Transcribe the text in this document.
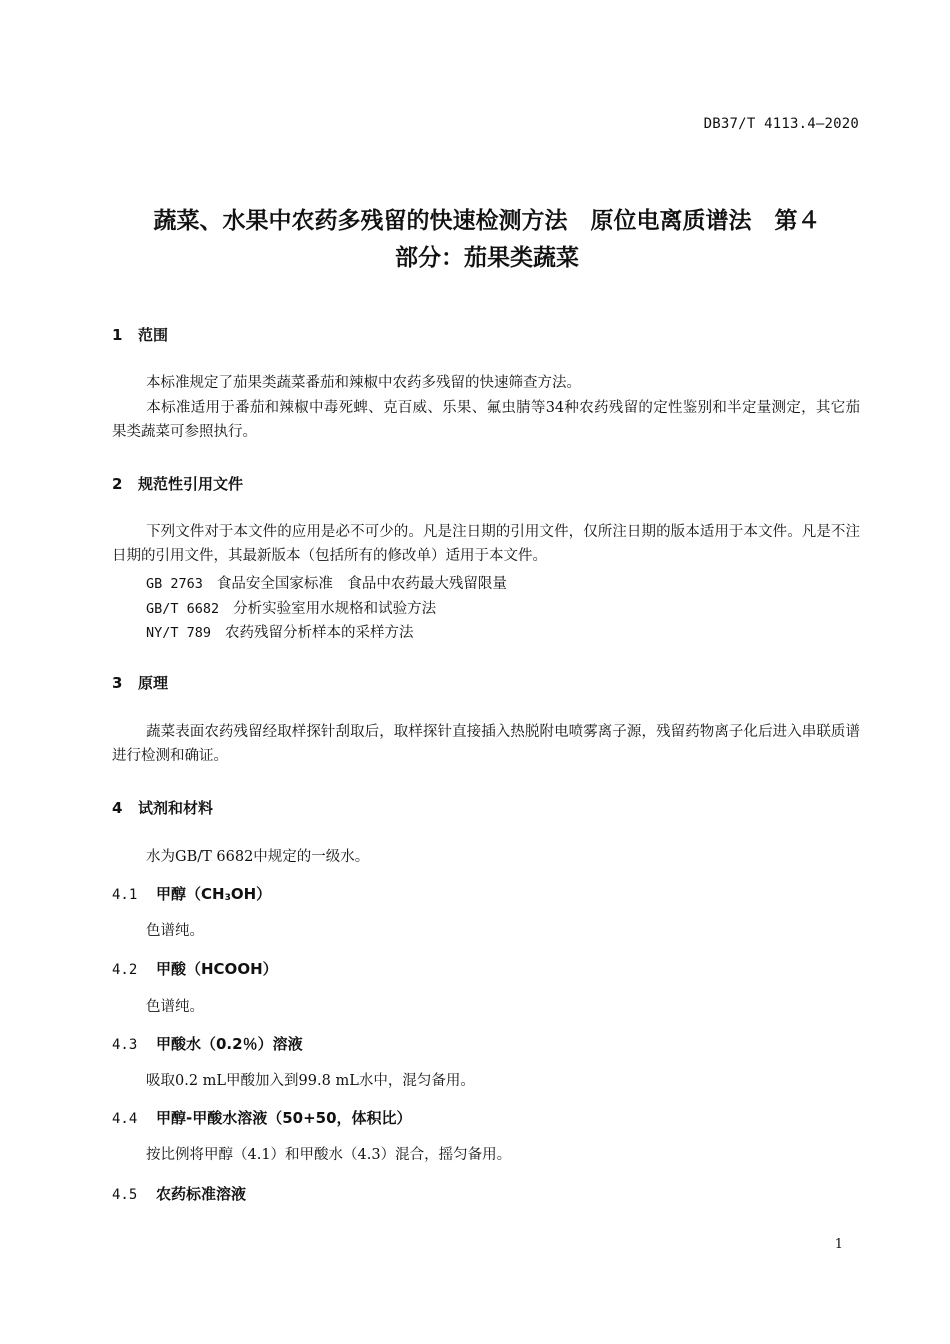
DB37/T 4113.4—2020
蔬菜、水果中农药多残留的快速检测方法　原位电离质谱法　第４
部分：茄果类蔬菜
1 范围
本标准规定了茄果类蔬菜番茄和辣椒中农药多残留的快速筛查方法。
本标准适用于番茄和辣椒中毒死蜱、克百威、乐果、氟虫腈等34种农药残留的定性鉴别和半定量测定，其它茄果类蔬菜可参照执行。
2 规范性引用文件
下列文件对于本文件的应用是必不可少的。凡是注日期的引用文件，仅所注日期的版本适用于本文件。凡是不注日期的引用文件，其最新版本（包括所有的修改单）适用于本文件。
GB 2763 食品安全国家标准　食品中农药最大残留限量
GB/T 6682 分析实验室用水规格和试验方法
NY/T 789 农药残留分析样本的采样方法
3 原理
蔬菜表面农药残留经取样探针刮取后，取样探针直接插入热脱附电喷雾离子源，残留药物离子化后进入串联质谱进行检测和确证。
4 试剂和材料
水为GB/T 6682中规定的一级水。
4.1 甲醇$(CH_3OH)$
色谱纯。
4.2 甲酸（HCOOH）
色谱纯。
4.3 甲酸水（0.2％）溶液
吸取0.2 mL甲酸加入到99.8 mL水中，混匀备用。
4.4 甲醇-甲酸水溶液（50+50，体积比）
按比例将甲醇（4.1）和甲酸水（4.3）混合，摇匀备用。
4.5 农药标准溶液
1
